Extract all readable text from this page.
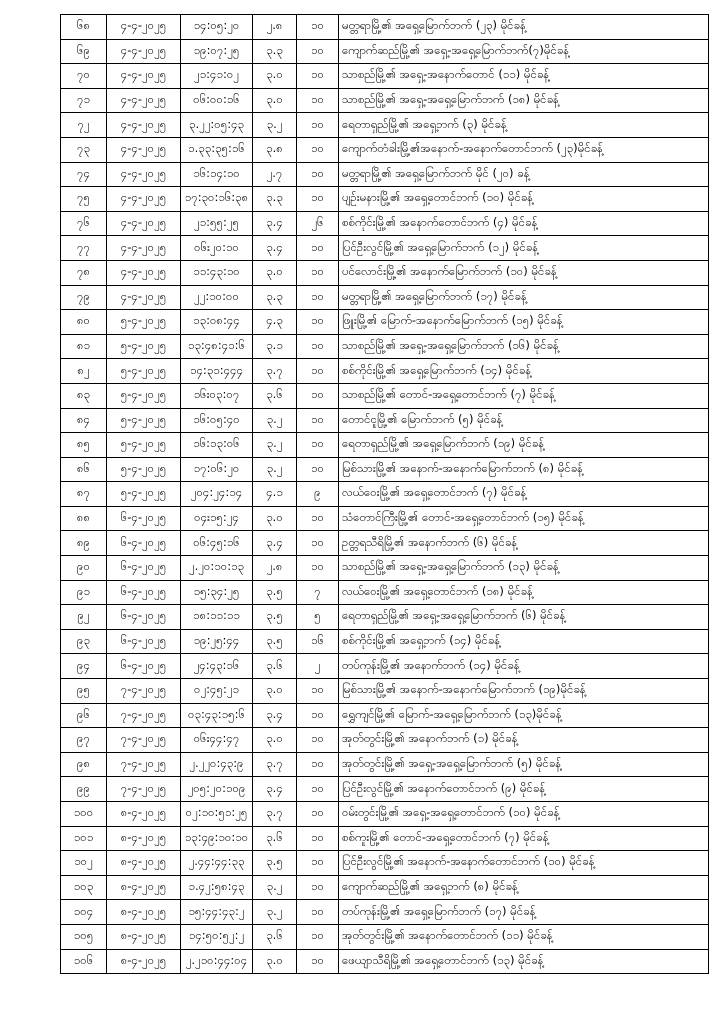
၆၈	၄-၄-၂၀၂၅	၁၄:၀၅:၂၀	၂.၈	၁၀	မတ္တရာမြို့၏ အရှေ့မြောက်ဘက် (၂၃) မိုင်ခန့်
၆၉	၄-၄-၂၀၂၅	၁၉:၀၇:၂၅	၃.၃	၁၀	ကျောက်ဆည်မြို့၏ အရှေ့-အရှေ့မြောက်ဘက်(၇)မိုင်ခန့်
၇၀	၄-၄-၂၀၂၅	၂၁:၄၁:၀၂	၃.၀	၁၀	သာစည်မြို့၏ အရှေ့-အနောက်တောင် (၁၁) မိုင်ခန့်
၇၁	၄-၄-၂၀၂၅	၀၆:၀၀:၁၆	၃.၀	၁၀	သာစည်မြို့၏ အရှေ့-အရှေ့မြောက်ဘက် (၁၈) မိုင်ခန့်
၇၂	၄-၄-၂၀၂၅	၃.၂၂:၀၅:၄၃	၃.၂	၁၀	ရေတာရှည်မြို့၏ အရှေ့ဘက် (၃) မိုင်ခန့်
၇၃	၄-၄-၂၀၂၅	၁.၃၃:၃၅:၁၆	၃.၈	၁၀	ကျောက်တံခါးမြို့၏အနောက်-အနောက်တောင်ဘက် (၂၃)မိုင်ခန့်
၇၄	၄-၄-၂၀၂၅	၁၆:၁၄:၁၀	၂.၇	၁၀	မတ္တရာမြို့၏ အရှေ့မြောက်ဘက် မိုင် (၂၀) ခန့်
၇၅	၄-၄-၂၀၂၅	၁၇:၃၀:၁၆:၃၈	၃.၃	၁၀	ပျဉ်းမနားမြို့၏ အရှေ့တောင်ဘက် (၁၀) မိုင်ခန့်
၇၆	၄-၄-၂၀၂၅	၂၁:၅၅:၂၅	၃.၄	၂၆	စစ်ကိုင်းမြို့၏ အနောက်တောင်ဘက် (၄) မိုင်ခန့်
၇၇	၄-၄-၂၀၂၅	၀၆း၂၀:၁၀	၃.၄	၁၀	ပြင်ဦးလွင်မြို့၏ အရှေ့မြောက်ဘက် (၁၂) မိုင်ခန့်
၇၈	၄-၄-၂၀၂၅	၁၁:၄၃:၁၀	၃.၀	၁၀	ပင်လောင်းမြို့၏ အနောက်မြောက်ဘက် (၁၀) မိုင်ခန့်
၇၉	၄-၄-၂၀၂၅	၂၂:၁၀:၀၀	၃.၃	၁၀	မတ္တရာမြို့၏ အရှေ့မြောက်ဘက် (၁၇) မိုင်ခန့်
၈၀	၅-၄-၂၀၂၅	၁၃:၀၈:၄၄	၄.၃	၁၀	ဖြူးမြို့၏ မြောက်-အနောက်မြောက်ဘက် (၁၅) မိုင်ခန့်
၈၁	၅-၄-၂၀၂၅	၁၃:၄၈:၄၁:၆	၃.၁	၁၀	သာစည်မြို့၏ အရှေ့-အရှေ့မြောက်ဘက် (၁၆) မိုင်ခန့်
၈၂	၅-၄-၂၀၂၅	၁၄:၃၁:၄၄၄	၃.၇	၁၀	စစ်ကိုင်းမြို့၏ အရှေ့မြောက်ဘက် (၁၄) မိုင်ခန့်
၈၃	၅-၄-၂၀၂၅	၁၆း၀၃:၀၇	၃.၆	၁၀	သာစည်မြို့၏ တောင်-အရှေ့တောင်ဘက် (၇) မိုင်ခန့်
၈၄	၅-၄-၂၀၂၅	၁၆:၀၅:၄၀	၃.၂	၁၀	တောင်ငူမြို့၏ မြောက်ဘက် (၅) မိုင်ခန့်
၈၅	၅-၄-၂၀၂၅	၁၆:၁၃:၀၆	၃.၂	၁၀	ရေတာရှည်မြို့၏ အရှေ့မြောက်ဘက် (၁၉) မိုင်ခန့်
၈၆	၅-၄-၂၀၂၅	၁၇:၀၆:၂၀	၃.၂	၁၀	မြစ်သားမြို့၏ အနောက်-အနောက်မြောက်ဘက် (၈) မိုင်ခန့်
၈၇	၅-၄-၂၀၂၅	၂၀၄:၂၄:၁၄	၄.၁	၉	လယ်ဝေးမြို့၏ အရှေ့တောင်ဘက် (၇) မိုင်ခန့်
၈၈	၆-၄-၂၀၂၅	၀၄း၁၅:၂၄	၃.၀	၁၀	သံတောင်ကြီးမြို့၏ တောင်-အရှေ့တောင်ဘက် (၁၅) မိုင်ခန့်
၈၉	၆-၄-၂၀၂၅	၀၆:၄၅:၁၆	၃.၄	၁၀	ဥတ္တရသီရိမြို့၏ အနောက်ဘက် (၆) မိုင်ခန့်
၉၀	၆-၄-၂၀၂၅	၂.၂၀:၁၀:၁၃	၂.၈	၁၀	သာစည်မြို့၏ အရှေ့-အရှေ့မြောက်ဘက် (၁၃) မိုင်ခန့်
၉၁	၆-၄-၂၀၂၅	၁၅:၃၄:၂၅	၃.၅	၇	လယ်ဝေးမြို့၏ အရှေ့တောင်ဘက် (၁၈) မိုင်ခန့်
၉၂	၆-၄-၂၀၂၅	၁၈:၁၁:၁၁	၃.၅	၅	ရေတာရှည်မြို့၏ အရှေ့-အရှေ့မြောက်ဘက် (၆) မိုင်ခန့်
၉၃	၆-၄-၂၀၂၅	၁၉:၂၅:၄၄	၃.၅	၁၆	စစ်ကိုင်းမြို့၏ အရှေ့ဘက် (၁၄) မိုင်ခန့်
၉၄	၆-၄-၂၀၂၅	၂၄:၄၃:၁၆	၃.၆	၂	တပ်ကုန်းမြို့၏ အနောက်ဘက် (၁၄) မိုင်ခန့်
၉၅	၇-၄-၂၀၂၅	၀၂:၄၅:၂၁	၃.၀	၁၀	မြစ်သားမြို့၏ အနောက်-အနောက်မြောက်ဘက် (၁၉)မိုင်ခန့်
၉၆	၇-၄-၂၀၂၅	၀၃:၄၃:၁၅:၆	၃.၄	၁၀	ရွှေကျင်မြို့၏ မြောက်-အရှေ့မြောက်ဘက် (၁၃)မိုင်ခန့်
၉၇	၇-၄-၂၀၂၅	၀၆း၄၄:၄၇	၃.၀	၁၀	အုတ်တွင်းမြို့၏ အနောက်ဘက် (၁) မိုင်ခန့်
၉၈	၇-၄-၂၀၂၅	၂.၂၂၀:၄၃:၉	၃.၇	၁၀	အုတ်တွင်းမြို့၏ အရှေ့-အရှေ့မြောက်ဘက် (၅) မိုင်ခန့်
၉၉	၇-၄-၂၀၂၅	၂၀၅:၂၀:၁၀၉	၃.၄	၁၀	ပြင်ဦးလွင်မြို့၏ အနောက်တောင်ဘက် (၉) မိုင်ခန့်
၁၀၀	၈-၄-၂၀၂၅	၀၂:၁၀:၅၁:၂၅	၃.၇	၁၀	ဝမ်းတွင်းမြို့၏ အရှေ့-အရှေ့တောင်ဘက် (၁၀) မိုင်ခန့်
၁၀၁	၈-၄-၂၀၂၅	၁၃:၄၉:၁၀:၁၀	၃.၆	၁၀	စစ်ကူးမြို့၏ တောင်-အရှေ့တောင်ဘက် (၇) မိုင်ခန့်
၁၀၂	၈-၄-၂၀၂၅	၂.၄၄:၄၄:၃၃	၃.၅	၁၀	ပြင်ဦးလွင်မြို့၏ အနောက်-အနောက်တောင်ဘက် (၁၀) မိုင်ခန့်
၁၀၃	၈-၄-၂၀၂၅	၁.၄၂:၅၈:၄၃	၃.၂	၁၀	ကျောက်ဆည်မြို့၏ အရှေ့ဘက် (၈) မိုင်ခန့်
၁၀၄	၈-၄-၂၀၂၅	၁၅:၄၄:၄၃:၂	၃.၂	၁၀	တပ်ကုန်းမြို့၏ အရှေ့မြောက်ဘက် (၁၇) မိုင်ခန့်
၁၀၅	၈-၄-၂၀၂၅	၁၄:၅၀:၅၂:၂	၃.၆	၁၀	အုတ်တွင်းမြို့၏ အနောက်တောင်ဘက် (၁၁) မိုင်ခန့်
၁၀၆	၈-၄-၂၀၂၅	၂.၂၁၀:၄၄:၀၄	၃.၀	၁၀	ဖေယျာသီရိမြို့၏ အရှေ့တောင်ဘက် (၁၃) မိုင်ခန့်
